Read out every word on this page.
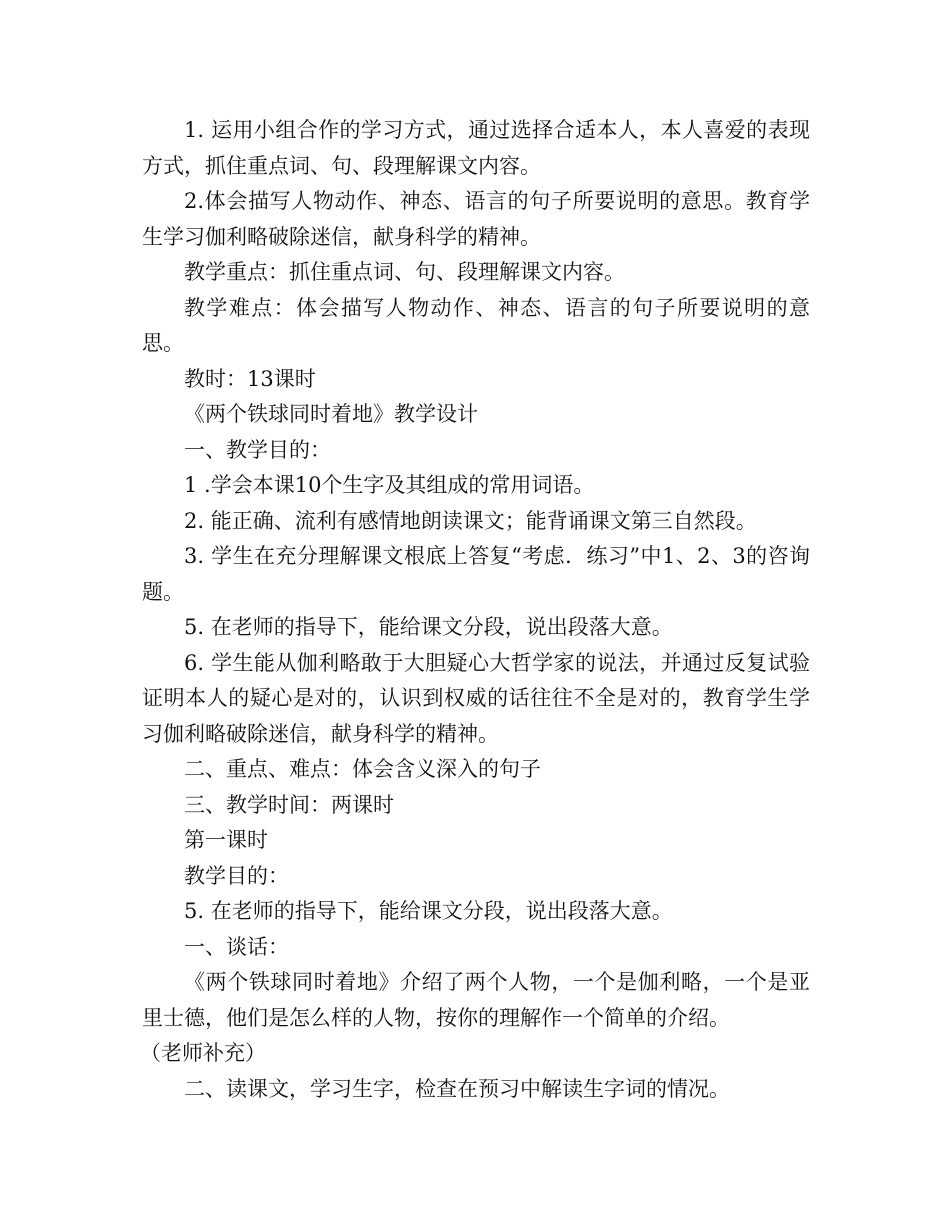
1. 运用小组合作的学习方式，通过选择合适本人，本人喜爱的表现方式，抓住重点词、句、段理解课文内容。

2.体会描写人物动作、神态、语言的句子所要说明的意思。教育学生学习伽利略破除迷信，献身科学的精神。

教学重点：抓住重点词、句、段理解课文内容。

教学难点：体会描写人物动作、神态、语言的句子所要说明的意思。

教时：13课时

《两个铁球同时着地》教学设计

一、教学目的：

1 .学会本课10个生字及其组成的常用词语。

2. 能正确、流利有感情地朗读课文；能背诵课文第三自然段。

3. 学生在充分理解课文根底上答复“考虑．练习”中1、2、3的咨询题。

5. 在老师的指导下，能给课文分段，说出段落大意。

6. 学生能从伽利略敢于大胆疑心大哲学家的说法，并通过反复试验证明本人的疑心是对的，认识到权威的话往往不全是对的，教育学生学习伽利略破除迷信，献身科学的精神。

二、重点、难点：体会含义深入的句子

三、教学时间：两课时

第一课时

教学目的：

5. 在老师的指导下，能给课文分段，说出段落大意。

一、谈话：

《两个铁球同时着地》介绍了两个人物，一个是伽利略，一个是亚里士德，他们是怎么样的人物，按你的理解作一个简单的介绍。

（老师补充）

二、读课文，学习生字，检查在预习中解读生字词的情况。
